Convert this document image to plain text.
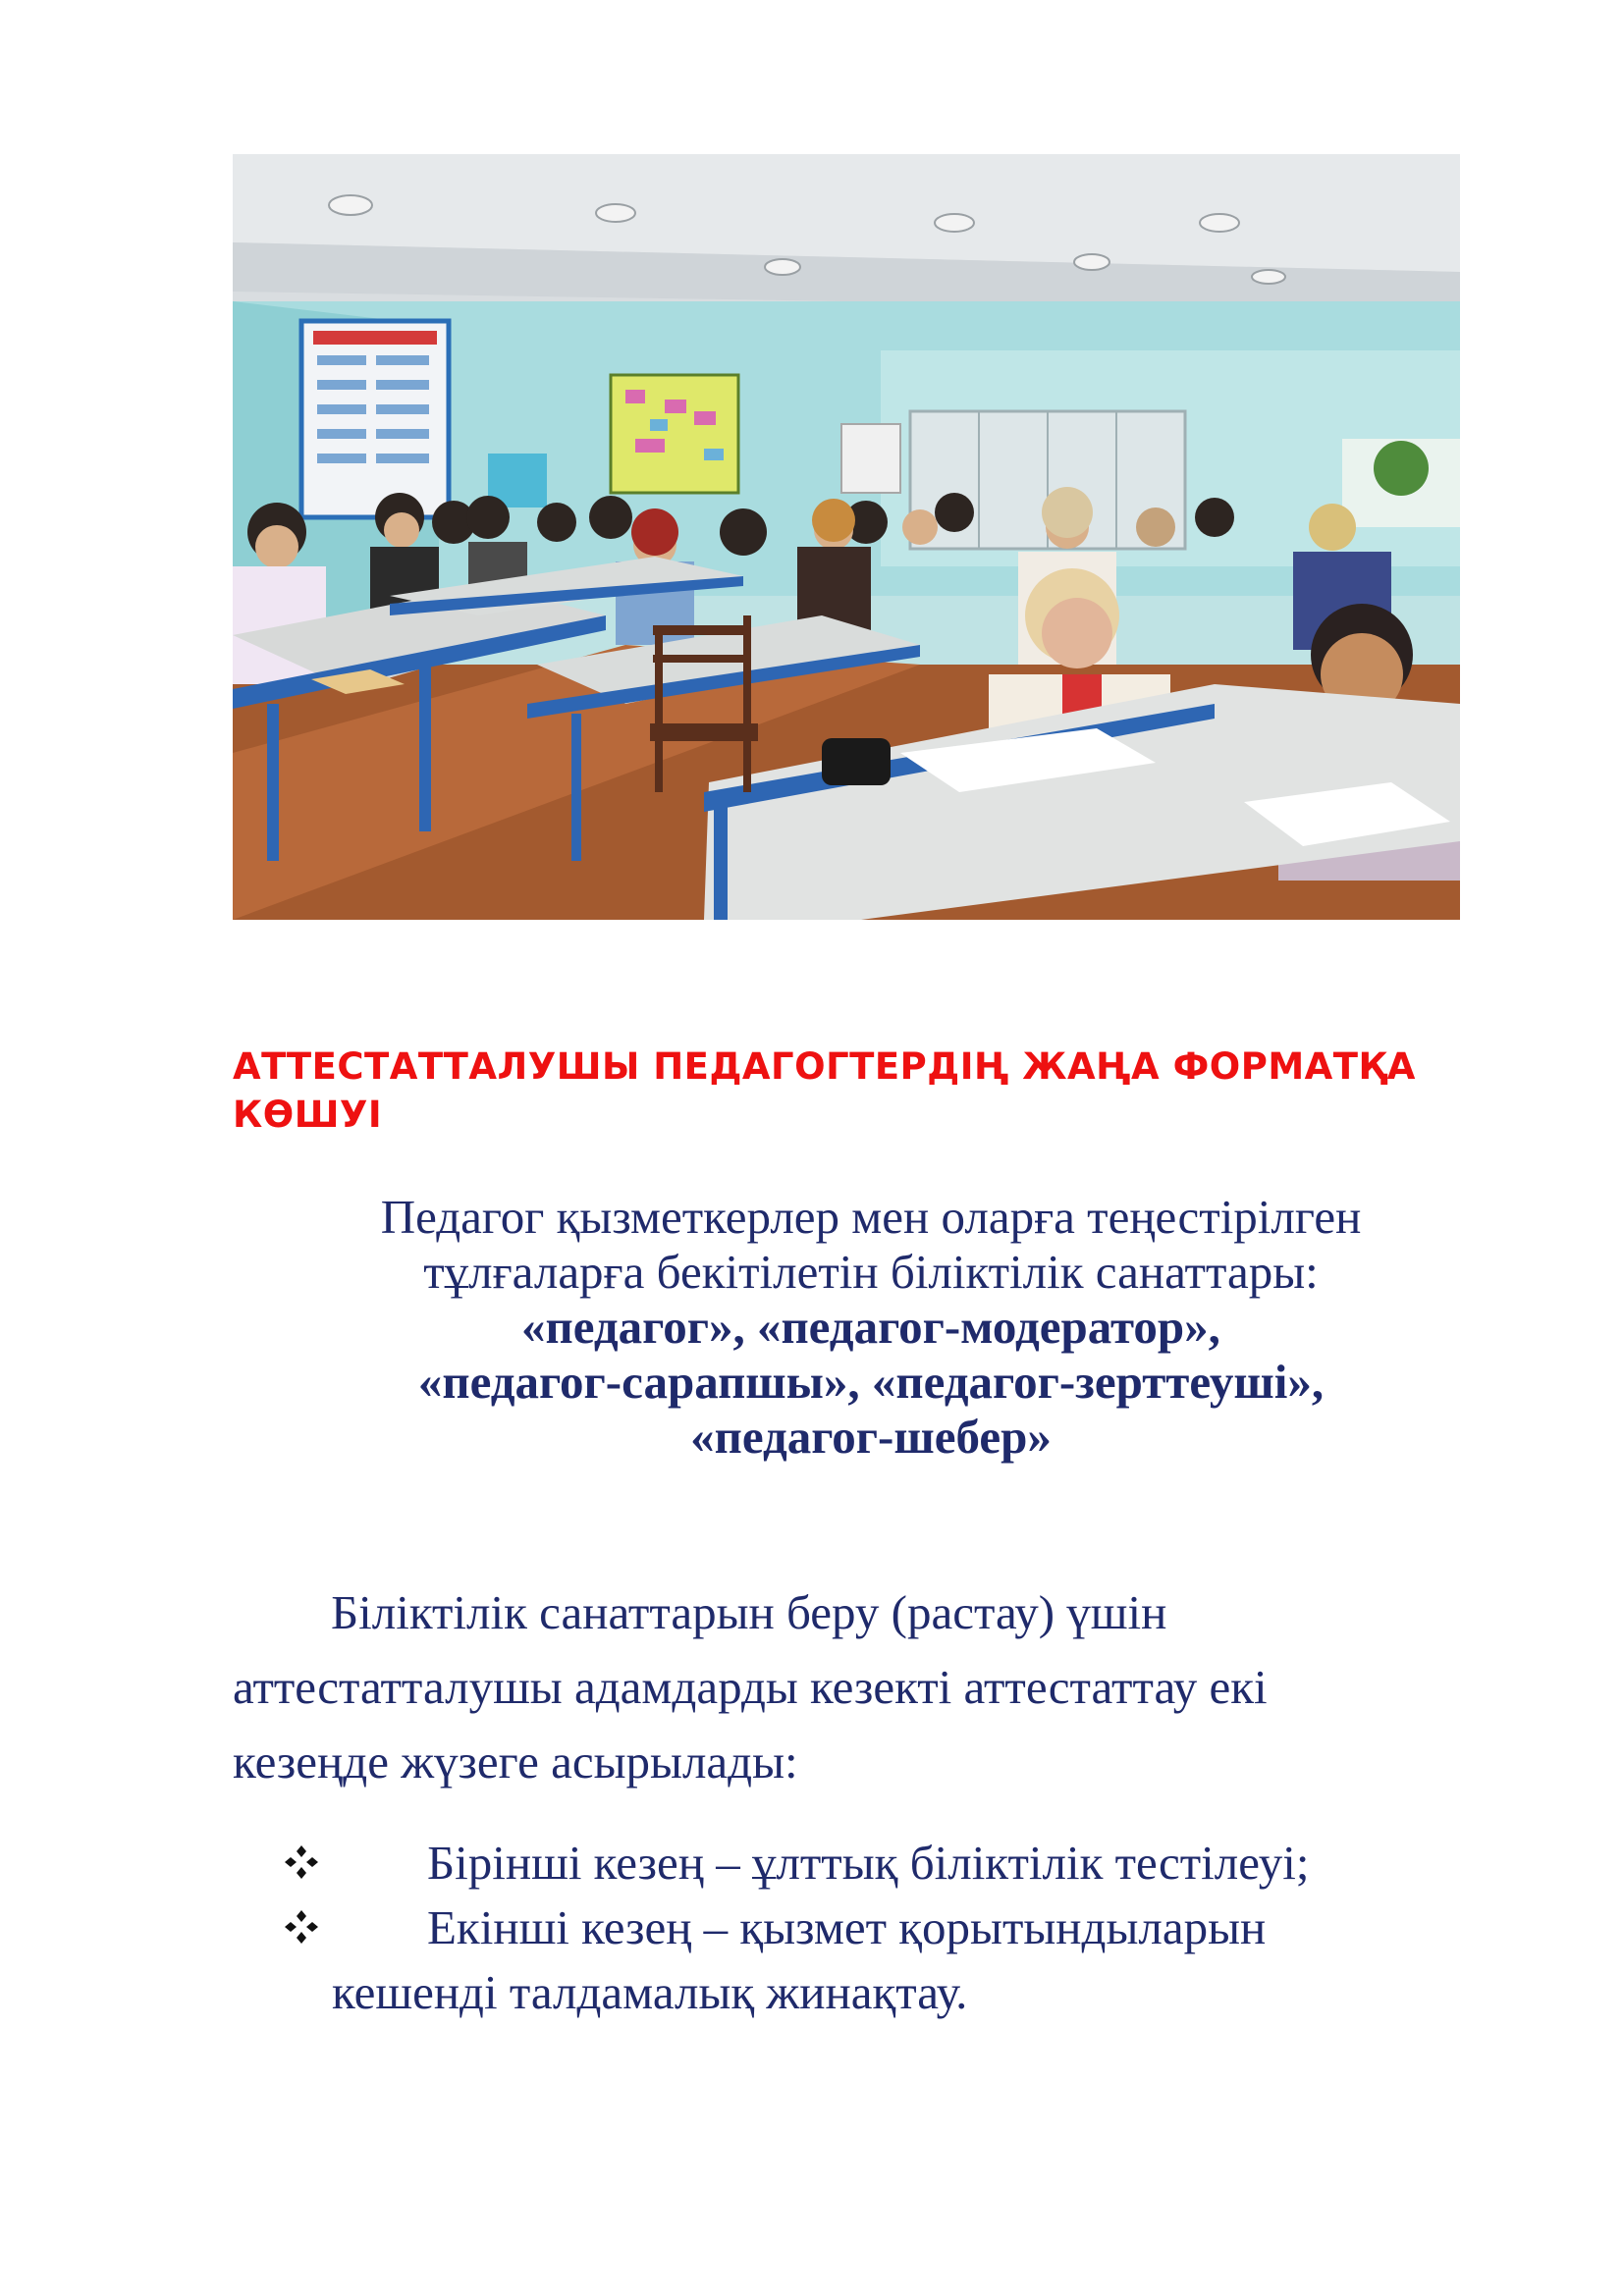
АТТЕСТАТТАЛУШЫ ПЕДАГОГТЕРДІҢ ЖАҢА ФОРМАТҚА
КӨШУІ
Педагог қызметкерлер мен оларға теңестірілген
тұлғаларға бекітілетін біліктілік санаттары:
«педагог», «педагог-модератор»,
«педагог-сарапшы», «педагог-зерттеуші»,
«педагог-шебер»
Біліктілік санаттарын беру (растау) үшін
аттестатталушы адамдарды кезекті аттестаттау екі
кезеңде жүзеге асырылады:
Бірінші кезең – ұлттық біліктілік тестілеуі;
Екінші кезең – қызмет қорытындыларын
кешенді талдамалық жинақтау.
